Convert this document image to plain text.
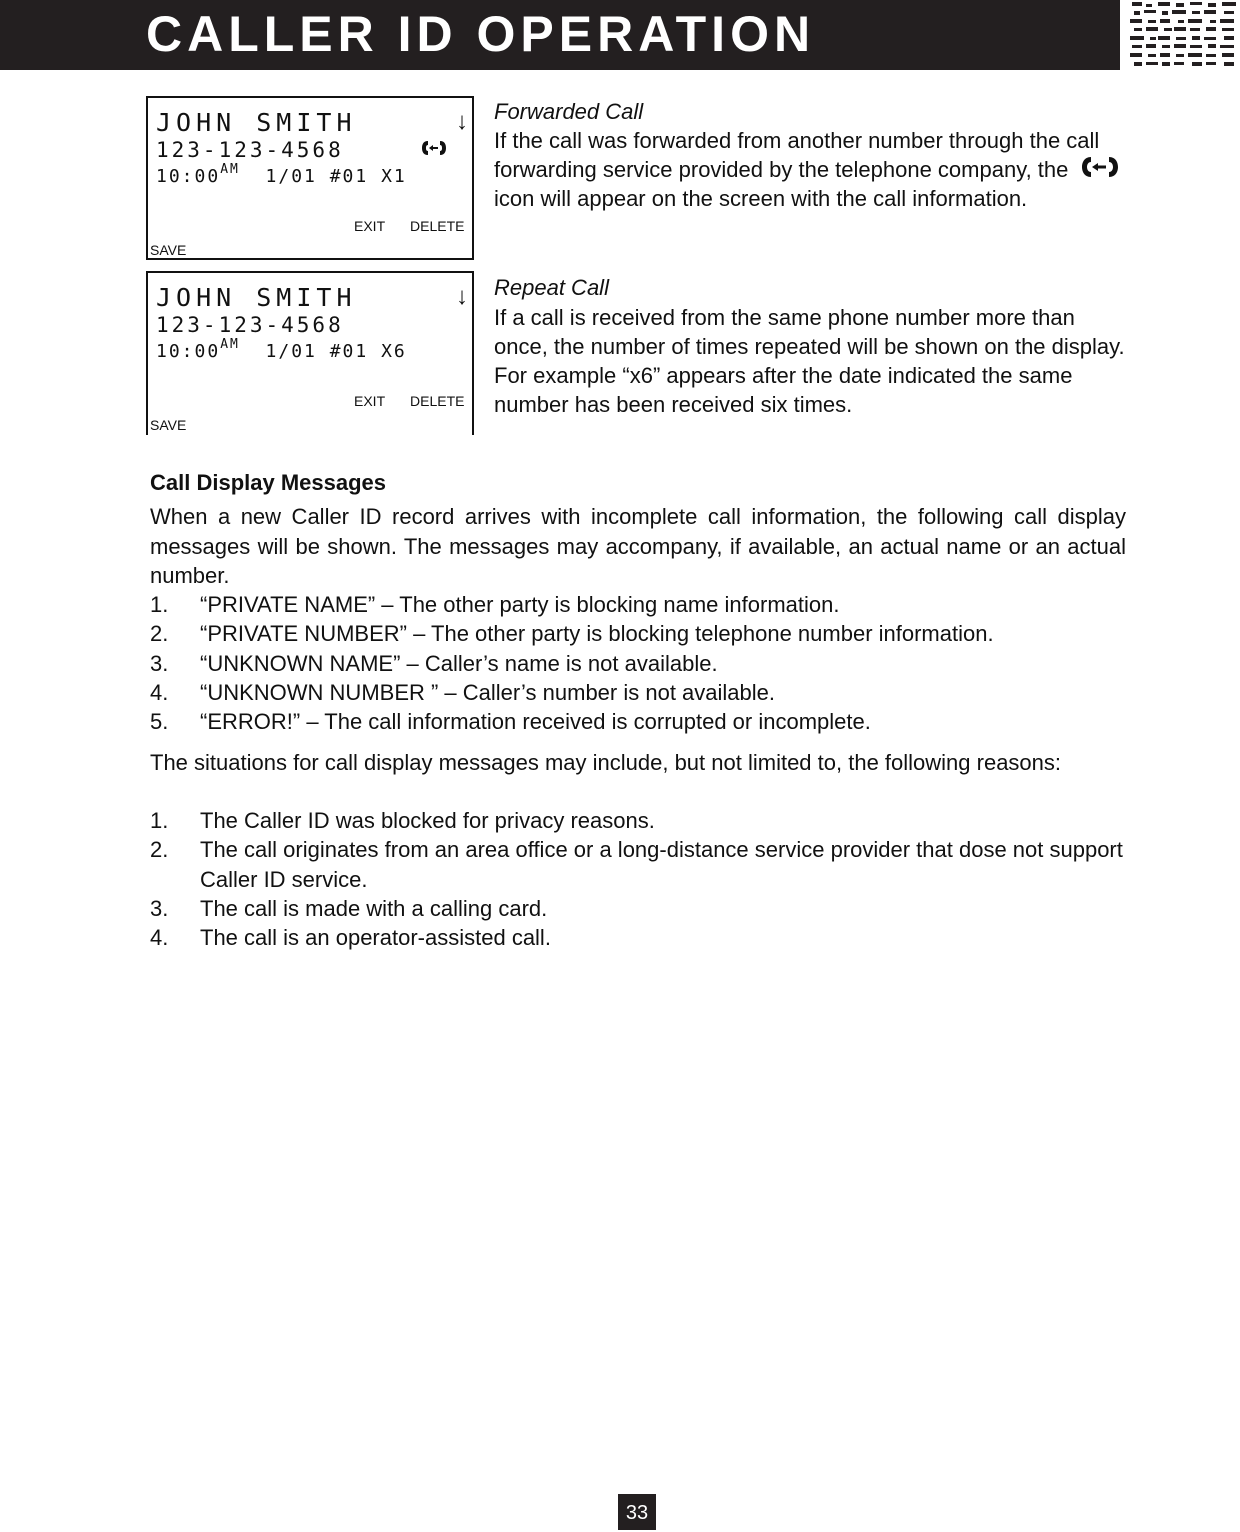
CALLER ID OPERATION
JOHN SMITH	↓
123-123-4568
$10:00^{AM}$ 1/01 #01 X1
EXIT DELETE
SAVE
JOHN SMITH	↓
123-123-4568
$10:00^{AM}$ 1/01 #01 X6
EXIT DELETE
SAVE
Forwarded Call
If the call was forwarded from another number through the call forwarding service provided by the telephone company, theicon will appear on the screen with the call information.
Repeat Call
If a call is received from the same phone number more than once, the number of times repeated will be shown on the display. For example “x6” appears after the date indicated the same number has been received six times.
Call Display Messages
When a new Caller ID record arrives with incomplete call information, the following call display messages will be shown. The messages may accompany, if available, an actual name or an actual number.
1. “PRIVATE NAME” – The other party is blocking name information.
2. “PRIVATE NUMBER” – The other party is blocking telephone number information.
3. “UNKNOWN NAME” – Caller’s name is not available.
4. “UNKNOWN NUMBER ” – Caller’s number is not available.
5. “ERROR!” – The call information received is corrupted or incomplete.
The situations for call display messages may include, but not limited to, the following reasons:
1. The Caller ID was blocked for privacy reasons.
2. The call originates from an area office or a long-distance service provider that dose not support Caller ID service.
3. The call is made with a calling card.
4. The call is an operator-assisted call.
33
